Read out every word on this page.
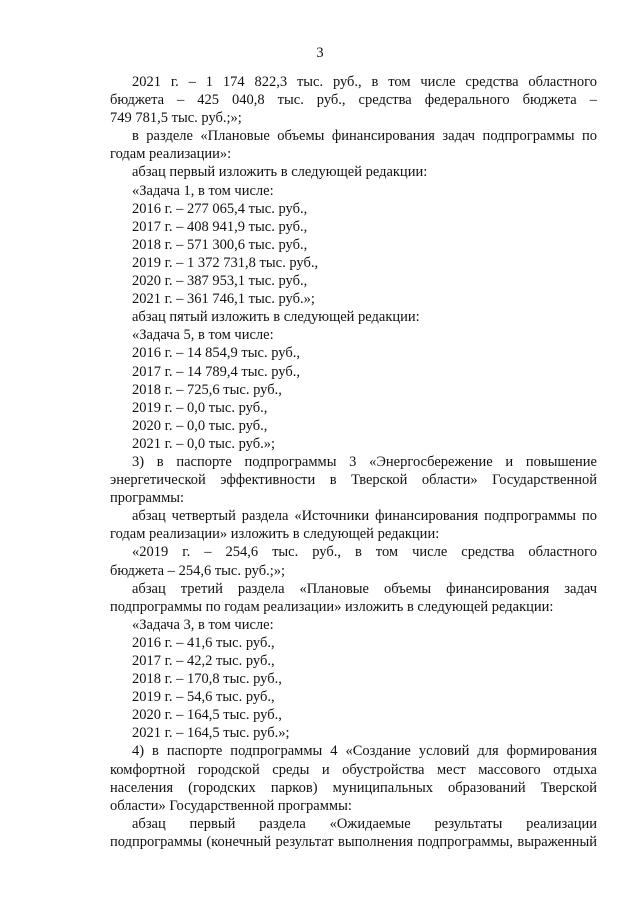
3
2021 г. – 1 174 822,3 тыс. руб., в том числе средства областного
бюджета – 425 040,8 тыс. руб., средства федерального бюджета –
749 781,5 тыс. руб.;»;
в разделе «Плановые объемы финансирования задач подпрограммы по
годам реализации»:
абзац первый изложить в следующей редакции:
«Задача 1, в том числе:
2016 г. – 277 065,4 тыс. руб.,
2017 г. – 408 941,9 тыс. руб.,
2018 г. – 571 300,6 тыс. руб.,
2019 г. – 1 372 731,8 тыс. руб.,
2020 г. – 387 953,1 тыс. руб.,
2021 г. – 361 746,1 тыс. руб.»;
абзац пятый изложить в следующей редакции:
«Задача 5, в том числе:
2016 г. – 14 854,9 тыс. руб.,
2017 г. – 14 789,4 тыс. руб.,
2018 г. – 725,6 тыс. руб.,
2019 г. – 0,0 тыс. руб.,
2020 г. – 0,0 тыс. руб.,
2021 г. – 0,0 тыс. руб.»;
3) в паспорте подпрограммы 3 «Энергосбережение и повышение
энергетической эффективности в Тверской области» Государственной
программы:
абзац четвертый раздела «Источники финансирования подпрограммы по
годам реализации» изложить в следующей редакции:
«2019 г. – 254,6 тыс. руб., в том числе средства областного
бюджета – 254,6 тыс. руб.;»;
абзац третий раздела «Плановые объемы финансирования задач
подпрограммы по годам реализации» изложить в следующей редакции:
«Задача 3, в том числе:
2016 г. – 41,6 тыс. руб.,
2017 г. – 42,2 тыс. руб.,
2018 г. – 170,8 тыс. руб.,
2019 г. – 54,6 тыс. руб.,
2020 г. – 164,5 тыс. руб.,
2021 г. – 164,5 тыс. руб.»;
4) в паспорте подпрограммы 4 «Создание условий для формирования
комфортной городской среды и обустройства мест массового отдыха
населения (городских парков) муниципальных образований Тверской
области» Государственной программы:
абзац первый раздела «Ожидаемые результаты реализации
подпрограммы (конечный результат выполнения подпрограммы, выраженный
